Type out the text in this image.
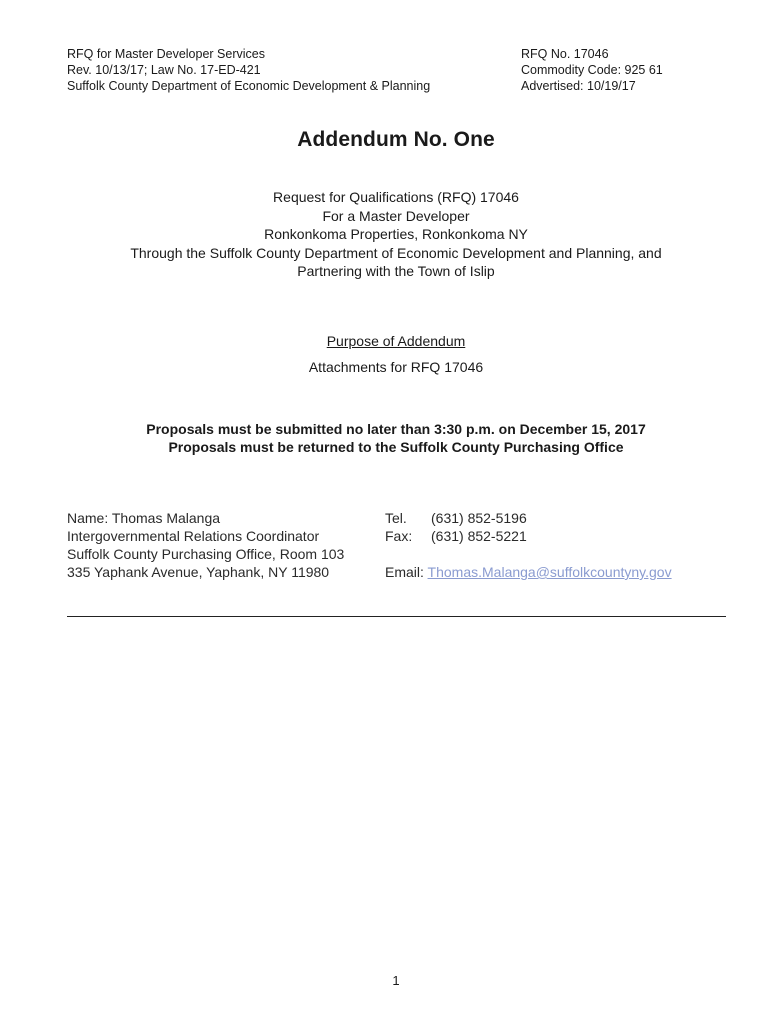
RFQ for Master Developer Services
Rev. 10/13/17; Law No. 17-ED-421
Suffolk County Department of Economic Development & Planning
RFQ No. 17046
Commodity Code: 925 61
Advertised: 10/19/17
Addendum No. One
Request for Qualifications (RFQ) 17046
For a Master Developer
Ronkonkoma Properties, Ronkonkoma NY
Through the Suffolk County Department of Economic Development and Planning, and
Partnering with the Town of Islip
Purpose of Addendum
Attachments for RFQ 17046
Proposals must be submitted no later than 3:30 p.m. on December 15, 2017
Proposals must be returned to the Suffolk County Purchasing Office
Name: Thomas Malanga
Intergovernmental Relations Coordinator
Suffolk County Purchasing Office, Room 103
335 Yaphank Avenue, Yaphank, NY 11980
Tel. (631) 852-5196
Fax: (631) 852-5221
Email: Thomas.Malanga@suffolkcountyny.gov
1
